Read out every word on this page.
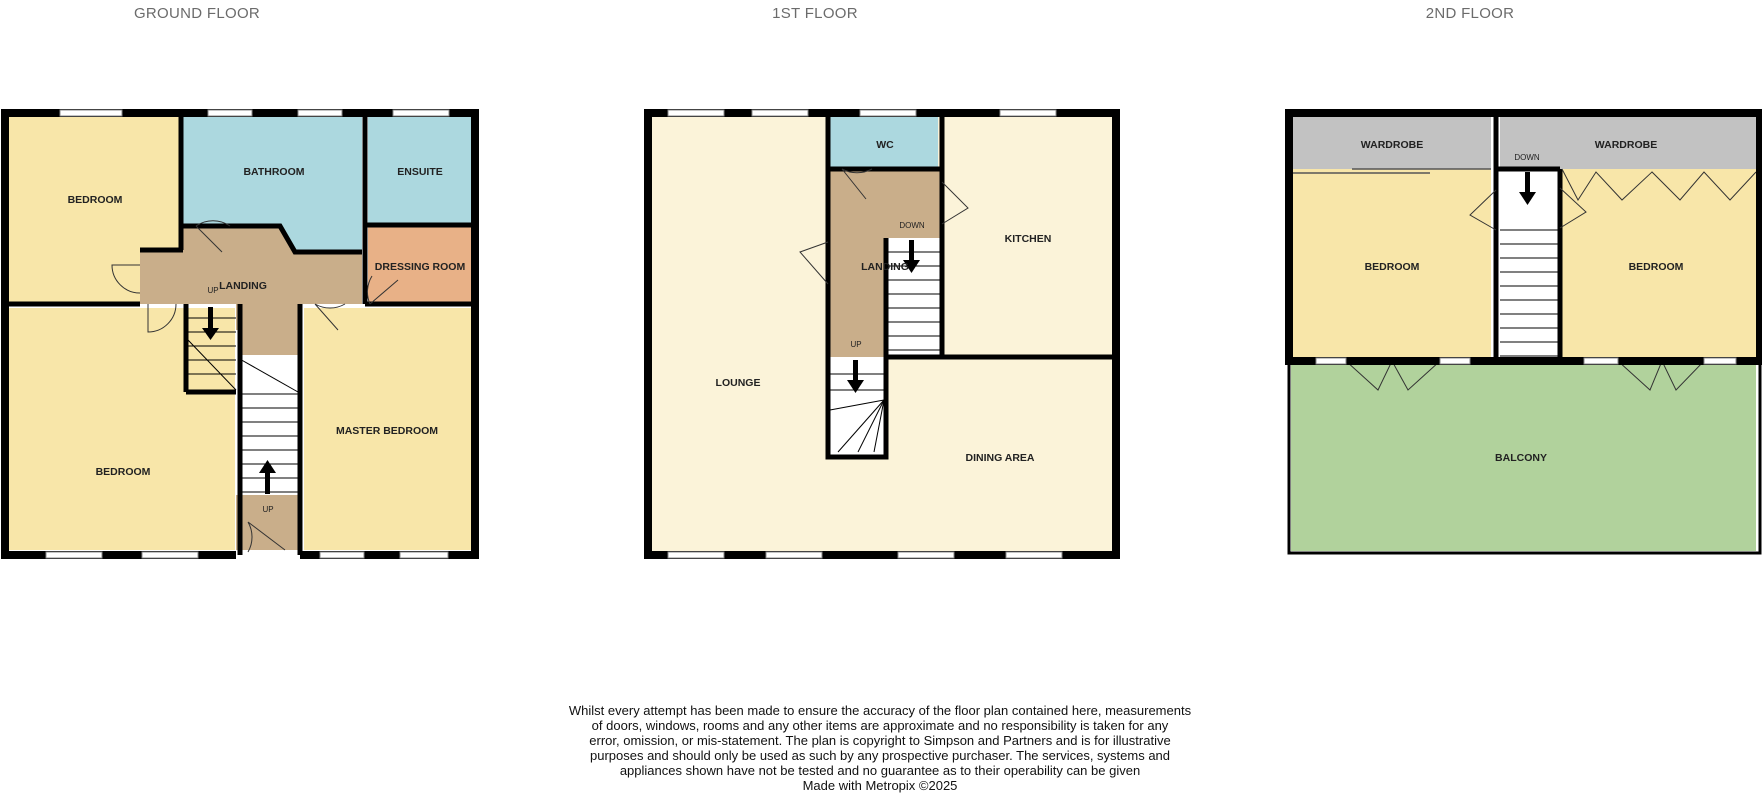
GROUND FLOOR
BEDROOM
BATHROOM	ENSUITE
LANDING
DRESSING ROOM
BEDROOM
MASTER BEDROOM
UP
UP
1ST FLOOR
WC
KITCHEN
LANDING
LOUNGE
DINING AREA
DOWN
UP
2ND FLOOR
WARDROBE	WARDROBE
BEDROOM	BEDROOM
BALCONY
DOWN
Whilst every attempt has been made to ensure the accuracy of the floor plan contained here, measurements
of doors, windows, rooms and any other items are approximate and no responsibility is taken for any
error, omission, or mis-statement. The plan is copyright to Simpson and Partners and is for illustrative
purposes and should only be used as such by any prospective purchaser. The services, systems and
appliances shown have not be tested and no guarantee as to their operability can be given
Made with Metropix ©2025
